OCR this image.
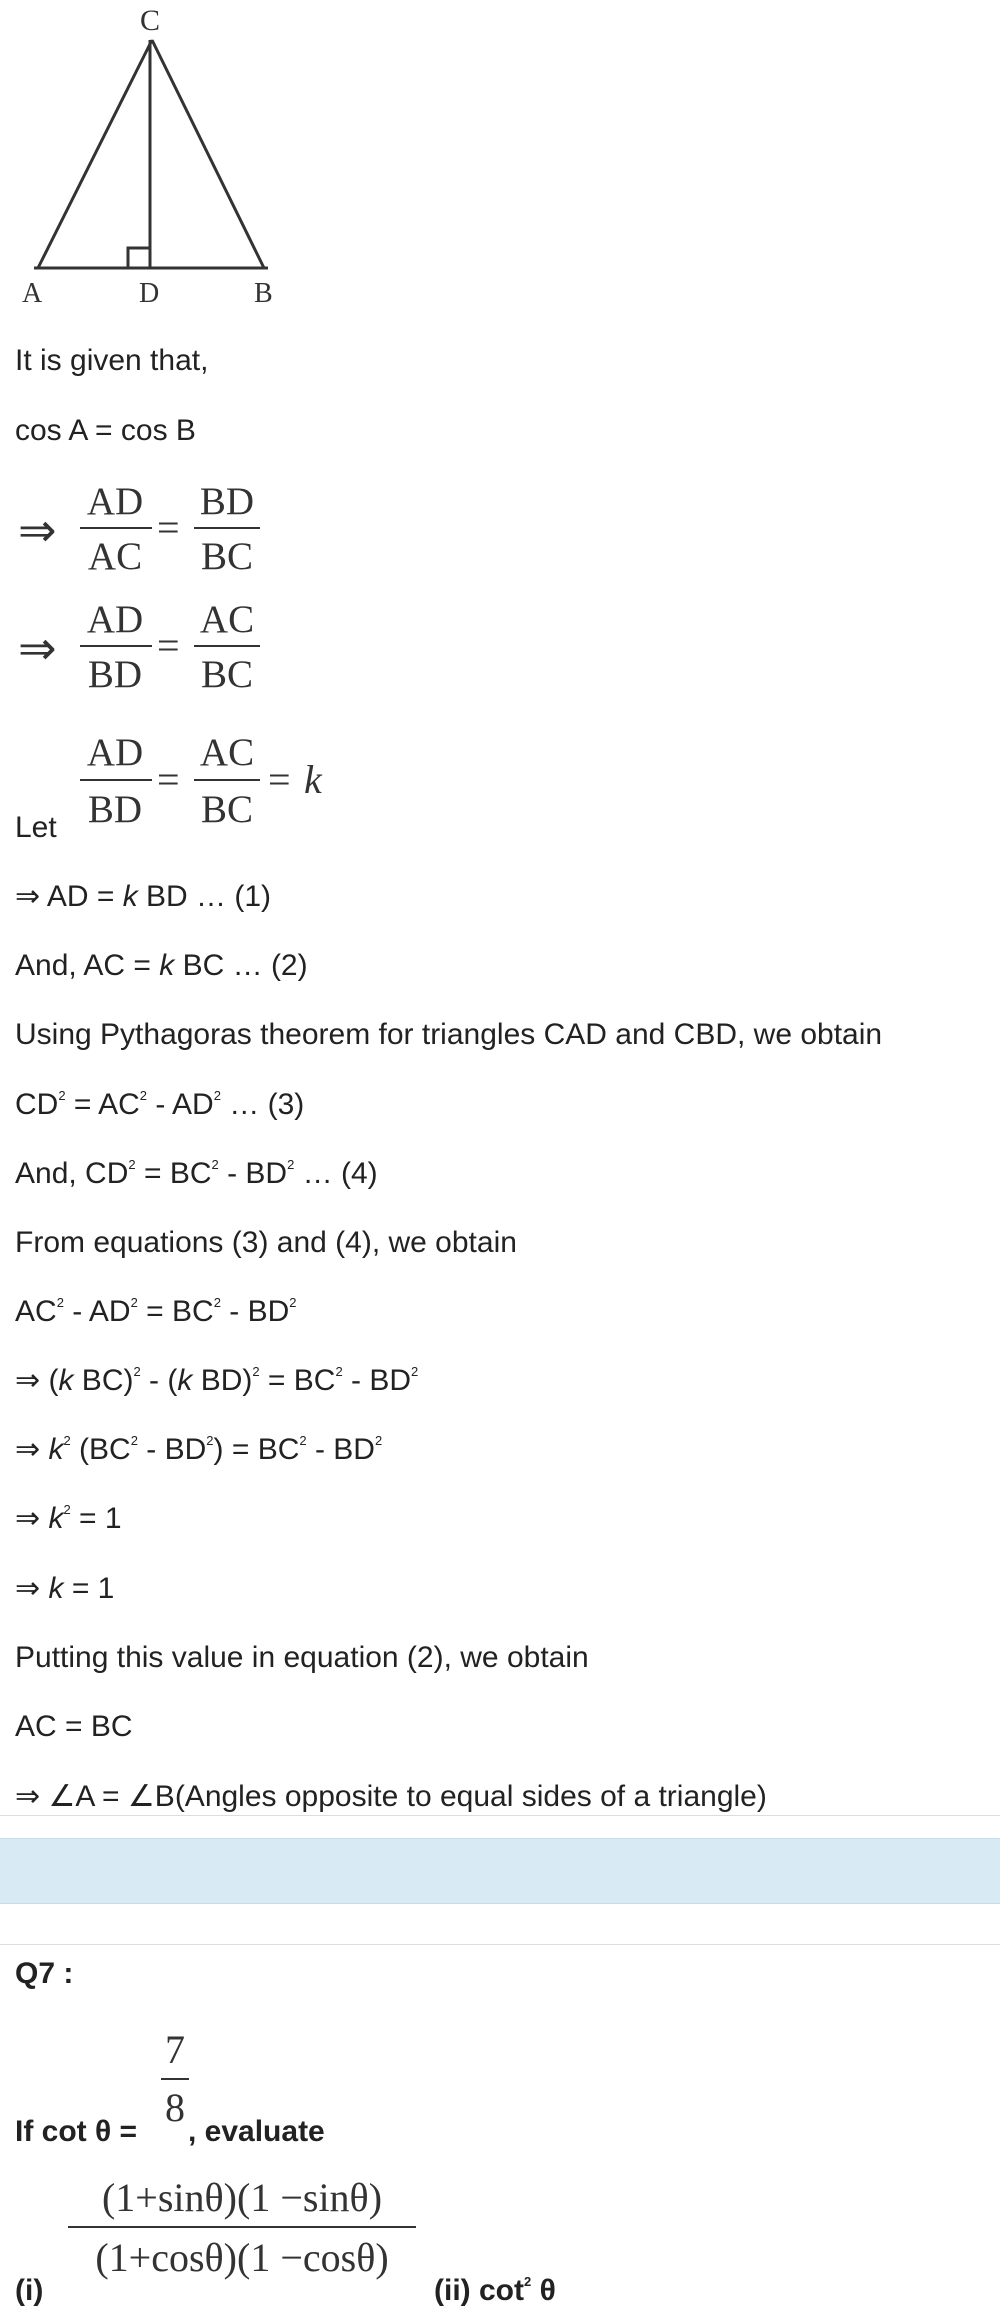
C
A	D	B
It is given that,
cos A = cos B
⇒
AD
AC
=
BD
BC
⇒
AD
BD
=
AC
BC
Let
AD
BD
=
AC
BC
= k
⇒ AD = k BD … (1)
And, AC = k BC … (2)
Using Pythagoras theorem for triangles CAD and CBD, we obtain
$CD^2 = AC^2 - AD^2$ … (3)
And, $CD^2 = BC^2 - BD^2$ … (4)
From equations (3) and (4), we obtain
$AC^2 - AD^2 = BC^2 - BD^2$
⇒ (k BC)$^2$ - (k $BD)^2 = BC^2 - BD^2$
⇒ $k^2$ $(BC^2 - BD^2) = BC^2 - BD^2$
⇒ $k^2 = 1$
⇒ k = 1
Putting this value in equation (2), we obtain
AC = BC
⇒ ∠A = ∠B(Angles opposite to equal sides of a triangle)
Q7 :
If cot θ =
7
8
, evaluate
(i)
(1+sinθ)(1 −sinθ)
(1+cosθ)(1 −cosθ)
(ii) $\cot^2 \theta$
